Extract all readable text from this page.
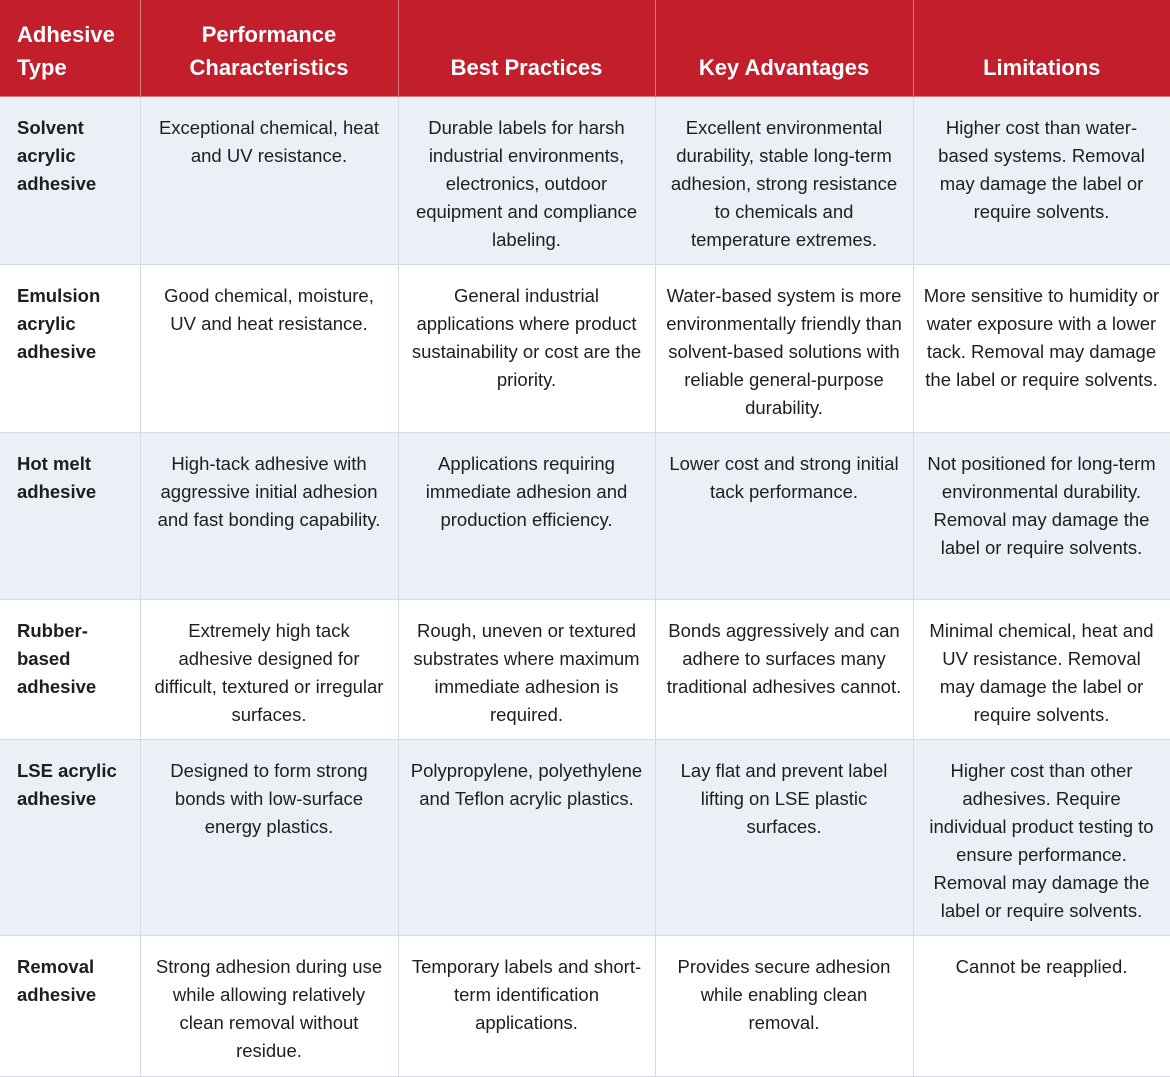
Adhesive Type	Performance Characteristics	Best Practices	Key Advantages	Limitations
Solvent acrylic adhesive	Exceptional chemical, heat and UV resistance.	Durable labels for harsh industrial environments, electronics, outdoor equipment and compliance labeling.	Excellent environmental durability, stable long-term adhesion, strong resistance to chemicals and temperature extremes.	Higher cost than water-based systems. Removal may damage the label or require solvents.
Emulsion acrylic adhesive	Good chemical, moisture, UV and heat resistance.	General industrial applications where product sustainability or cost are the priority.	Water-based system is more environmentally friendly than solvent-based solutions with reliable general-purpose durability.	More sensitive to humidity or water exposure with a lower tack. Removal may damage the label or require solvents.
Hot melt adhesive	High-tack adhesive with aggressive initial adhesion and fast bonding capability.	Applications requiring immediate adhesion and production efficiency.	Lower cost and strong initial tack performance.	Not positioned for long-term environmental durability. Removal may damage the label or require solvents.
Rubber-based adhesive	Extremely high tack adhesive designed for difficult, textured or irregular surfaces.	Rough, uneven or textured substrates where maximum immediate adhesion is required.	Bonds aggressively and can adhere to surfaces many traditional adhesives cannot.	Minimal chemical, heat and UV resistance. Removal may damage the label or require solvents.
LSE acrylic adhesive	Designed to form strong bonds with low-surface energy plastics.	Polypropylene, polyethylene and Teflon acrylic plastics.	Lay flat and prevent label lifting on LSE plastic surfaces.	Higher cost than other adhesives. Require individual product testing to ensure performance. Removal may damage the label or require solvents.
Removal adhesive	Strong adhesion during use while allowing relatively clean removal without residue.	Temporary labels and short-term identification applications.	Provides secure adhesion while enabling clean removal.	Cannot be reapplied.
